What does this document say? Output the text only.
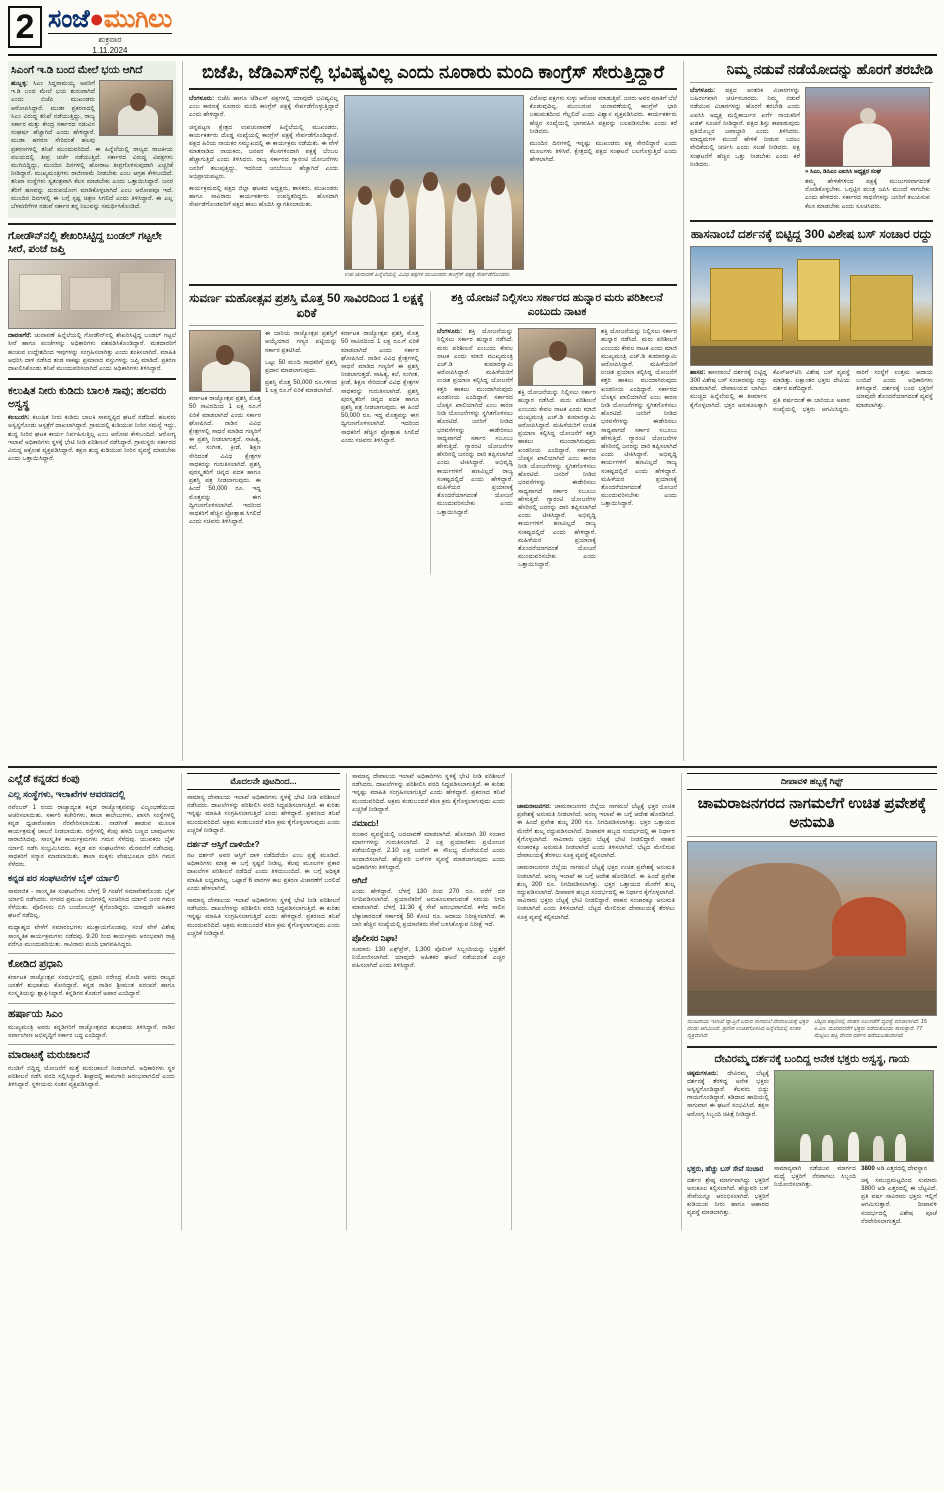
2 ಸಂಜೆ●ಮುಗಿಲು
ಶುಕ್ರವಾರ
1.11.2024
ಸಿಎಂಗೆ ಇ.ಡಿ ಬಂದ ಮೇಲೆ ಭಯ ಆಗಿದೆ

ಹುಬ್ಬಳ್ಳಿ: ಸಿಎಂ ಸಿದ್ದರಾಮಯ್ಯ ಅವರಿಗೆ ಇ.ಡಿ ಬಂದ ಮೇಲೆ ಭಯ ಶುರುವಾಗಿದೆ ಎಂದು ಬಿಜೆಪಿ ಮುಖಂಡರು ಆರೋಪಿಸಿದ್ದಾರೆ. ಮುಡಾ ಪ್ರಕರಣದಲ್ಲಿ ಸಿಎಂ ವಿರುದ್ಧ ತನಿಖೆ ನಡೆಯುತ್ತಿದ್ದು, ರಾಜ್ಯ ಸರ್ಕಾರ ಮತ್ತು ಕೇಂದ್ರ ಸರ್ಕಾರದ ನಡುವಿನ ಸಂಘರ್ಷ ಹೆಚ್ಚಾಗಿದೆ ಎಂದು ಹೇಳಿದ್ದಾರೆ. ಮುಡಾ ಹಗರಣ ಸೇರಿದಂತೆ ಹಲವು ಪ್ರಕರಣಗಳಲ್ಲಿ ತನಿಖೆ ಮುಂದುವರಿದಿದೆ. ಈ ಹಿನ್ನೆಲೆಯಲ್ಲಿ ರಾಜ್ಯದ ರಾಜಕೀಯ ವಲಯದಲ್ಲಿ ತೀವ್ರ ಚರ್ಚೆ ನಡೆಯುತ್ತಿದೆ. ಸರ್ಕಾರದ ವಿರುದ್ಧ ವಿಪಕ್ಷಗಳು ಮುಗಿಬಿದ್ದಿದ್ದು, ಮುಂದಿನ ದಿನಗಳಲ್ಲಿ ಹೋರಾಟ ತೀವ್ರಗೊಳಿಸುವುದಾಗಿ ಎಚ್ಚರಿಕೆ ನೀಡಿದ್ದಾರೆ. ಮುಖ್ಯಮಂತ್ರಿಗಳು ರಾಜೀನಾಮೆ ನೀಡಬೇಕು ಎಂಬ ಆಗ್ರಹ ಕೇಳಿಬಂದಿದೆ. ತನಿಖಾ ಸಂಸ್ಥೆಗಳು ಸ್ವತಂತ್ರವಾಗಿ ಕೆಲಸ ಮಾಡಬೇಕು ಎಂದು ಒತ್ತಾಯಿಸಿದ್ದಾರೆ. ಜನರ ತೆರಿಗೆ ಹಣವನ್ನು ದುರುಪಯೋಗ ಮಾಡಿಕೊಳ್ಳಲಾಗಿದೆ ಎಂಬ ಆರೋಪವೂ ಇದೆ. ಮುಂದಿನ ದಿನಗಳಲ್ಲಿ ಈ ಬಗ್ಗೆ ಸ್ಪಷ್ಟ ಚಿತ್ರಣ ಸಿಗಲಿದೆ ಎಂದು ತಿಳಿಸಿದ್ದಾರೆ. ಈ ಎಲ್ಲ ಬೆಳವಣಿಗೆಗಳ ನಡುವೆ ಸರ್ಕಾರ ತನ್ನ ನಿಲುವನ್ನು ಸಮರ್ಥಿಸಿಕೊಂಡಿದೆ.

ಗೋಡೌನ್‌ನಲ್ಲಿ ಶೇಖರಿಸಿಟ್ಟಿದ್ದ ಬಂಡಲ್ ಗಟ್ಟಲೇ ಸೀರೆ, ಪಂಚೆ ಜಪ್ತಿ

ದಾವಣಗೆರೆ: ಚುನಾವಣೆ ಹಿನ್ನೆಲೆಯಲ್ಲಿ ಗೋಡೌನ್‌ನಲ್ಲಿ ಶೇಖರಿಸಿಟ್ಟಿದ್ದ ಬಂಡಲ್ ಗಟ್ಟಲೆ ಸೀರೆ ಹಾಗೂ ಪಂಚೆಗಳನ್ನು ಅಧಿಕಾರಿಗಳು ವಶಪಡಿಸಿಕೊಂಡಿದ್ದಾರೆ. ಮತದಾರರಿಗೆ ಹಂಚುವ ಉದ್ದೇಶದಿಂದ ಇವುಗಳನ್ನು ಸಂಗ್ರಹಿಸಲಾಗಿತ್ತು ಎಂದು ಶಂಕಿಸಲಾಗಿದೆ. ಮಾಹಿತಿ ಆಧರಿಸಿ ದಾಳಿ ನಡೆಸಿದ ತಂಡ ಸಾಕಷ್ಟು ಪ್ರಮಾಣದ ವಸ್ತುಗಳನ್ನು ಜಪ್ತಿ ಮಾಡಿದೆ. ಪ್ರಕರಣ ದಾಖಲಿಸಿಕೊಂಡು ತನಿಖೆ ಮುಂದುವರಿಸಲಾಗಿದೆ ಎಂದು ಅಧಿಕಾರಿಗಳು ತಿಳಿಸಿದ್ದಾರೆ.

ಕಲುಷಿತ ನೀರು ಕುಡಿದು ಬಾಲಕಿ ಸಾವು; ಹಲವರು ಅಸ್ವಸ್ಥ

ಕಲಬುರಗಿ: ಕಲುಷಿತ ನೀರು ಕುಡಿದು ಬಾಲಕಿ ಸಾವನ್ನಪ್ಪಿದ ಘಟನೆ ನಡೆದಿದೆ. ಹಲವರು ಅಸ್ವಸ್ಥಗೊಂಡು ಆಸ್ಪತ್ರೆಗೆ ದಾಖಲಾಗಿದ್ದಾರೆ. ಗ್ರಾಮದಲ್ಲಿ ಕುಡಿಯುವ ನೀರಿನ ಸಮಸ್ಯೆ ಇದ್ದು, ಶುದ್ಧ ನೀರಿನ ಘಟಕ ಕಾರ್ಯ ನಿರ್ವಹಿಸುತ್ತಿಲ್ಲ ಎಂಬ ಆರೋಪ ಕೇಳಿಬಂದಿದೆ. ಆರೋಗ್ಯ ಇಲಾಖೆ ಅಧಿಕಾರಿಗಳು ಸ್ಥಳಕ್ಕೆ ಭೇಟಿ ನೀಡಿ ಪರಿಶೀಲನೆ ನಡೆಸಿದ್ದಾರೆ. ಗ್ರಾಮಸ್ಥರು ಸರ್ಕಾರದ ವಿರುದ್ಧ ಆಕ್ರೋಶ ವ್ಯಕ್ತಪಡಿಸಿದ್ದಾರೆ. ತಕ್ಷಣ ಶುದ್ಧ ಕುಡಿಯುವ ನೀರಿನ ವ್ಯವಸ್ಥೆ ಮಾಡಬೇಕು ಎಂದು ಒತ್ತಾಯಿಸಿದ್ದಾರೆ.

ಬಿಜೆಪಿ, ಜೆಡಿಎಸ್‌ನಲ್ಲಿ ಭವಿಷ್ಯವಿಲ್ಲ ಎಂದು ನೂರಾರು ಮಂದಿ ಕಾಂಗ್ರೆಸ್ ಸೇರುತ್ತಿದ್ದಾರೆ

ಬೆಂಗಳೂರು: ಬಿಜೆಪಿ ಹಾಗೂ ಜೆಡಿಎಸ್ ಪಕ್ಷಗಳಲ್ಲಿ ಯಾವುದೇ ಭವಿಷ್ಯವಿಲ್ಲ ಎಂಬ ಕಾರಣಕ್ಕೆ ನೂರಾರು ಮಂದಿ ಕಾಂಗ್ರೆಸ್ ಪಕ್ಷಕ್ಕೆ ಸೇರ್ಪಡೆಗೊಳ್ಳುತ್ತಿದ್ದಾರೆ ಎಂದು ಹೇಳಿದ್ದಾರೆ.

ಚನ್ನಪಟ್ಟಣ ಕ್ಷೇತ್ರದ ಉಪಚುನಾವಣೆ ಹಿನ್ನೆಲೆಯಲ್ಲಿ ಮುಖಂಡರು, ಕಾರ್ಯಕರ್ತರು ದೊಡ್ಡ ಸಂಖ್ಯೆಯಲ್ಲಿ ಕಾಂಗ್ರೆಸ್ ಪಕ್ಷಕ್ಕೆ ಸೇರ್ಪಡೆಗೊಂಡಿದ್ದಾರೆ. ಪಕ್ಷದ ಹಿರಿಯ ನಾಯಕರ ಸಮ್ಮುಖದಲ್ಲಿ ಈ ಕಾರ್ಯಕ್ರಮ ನಡೆಯಿತು. ಈ ವೇಳೆ ಮಾತನಾಡಿದ ನಾಯಕರು, ಜನಪರ ಕೆಲಸಗಳಿಂದಾಗಿ ಪಕ್ಷಕ್ಕೆ ಬೆಂಬಲ ಹೆಚ್ಚಾಗುತ್ತಿದೆ ಎಂದು ತಿಳಿಸಿದರು. ರಾಜ್ಯ ಸರ್ಕಾರದ ಗ್ಯಾರಂಟಿ ಯೋಜನೆಗಳು ಜನರಿಗೆ ತಲುಪುತ್ತಿದ್ದು, ಇದರಿಂದ ಜನಬೆಂಬಲ ಹೆಚ್ಚಾಗಿದೆ ಎಂದು ಅಭಿಪ್ರಾಯಪಟ್ಟರು.

ಕಾರ್ಯಕ್ರಮದಲ್ಲಿ ಪಕ್ಷದ ಜಿಲ್ಲಾ ಘಟಕದ ಅಧ್ಯಕ್ಷರು, ಶಾಸಕರು, ಮುಖಂಡರು ಹಾಗೂ ಸಾವಿರಾರು ಕಾರ್ಯಕರ್ತರು ಉಪಸ್ಥಿತರಿದ್ದರು. ಹೊಸದಾಗಿ ಸೇರ್ಪಡೆಗೊಂಡವರಿಗೆ ಪಕ್ಷದ ಶಾಲು ಹೊದಿಸಿ ಸ್ವಾಗತಿಸಲಾಯಿತು.

ಉಪ ಚುನಾವಣೆ ಹಿನ್ನೆಲೆಯಲ್ಲಿ ವಿವಿಧ ಪಕ್ಷಗಳ ಮುಖಂಡರು ಕಾಂಗ್ರೆಸ್ ಪಕ್ಷಕ್ಕೆ ಸೇರ್ಪಡೆಗೊಂಡರು.

ವಿರೋಧ ಪಕ್ಷಗಳು ಸುಳ್ಳು ಆರೋಪ ಮಾಡುತ್ತಿವೆ. ಜನರು ಅವರ ಮಾತಿಗೆ ಬೆಲೆ ಕೊಡುವುದಿಲ್ಲ. ಮುಂಬರುವ ಚುನಾವಣೆಯಲ್ಲಿ ಕಾಂಗ್ರೆಸ್ ಭಾರಿ ಬಹುಮತದಿಂದ ಗೆಲ್ಲಲಿದೆ ಎಂದು ವಿಶ್ವಾಸ ವ್ಯಕ್ತಪಡಿಸಿದರು. ಕಾರ್ಯಕರ್ತರು ಹೆಚ್ಚಿನ ಸಂಖ್ಯೆಯಲ್ಲಿ ಭಾಗವಹಿಸಿ ಪಕ್ಷವನ್ನು ಬಲಪಡಿಸಬೇಕು ಎಂದು ಕರೆ ನೀಡಿದರು.

ಮುಂದಿನ ದಿನಗಳಲ್ಲಿ ಇನ್ನಷ್ಟು ಮುಖಂಡರು ಪಕ್ಷ ಸೇರಲಿದ್ದಾರೆ ಎಂದು ಮೂಲಗಳು ತಿಳಿಸಿವೆ. ಕ್ಷೇತ್ರದಲ್ಲಿ ಪಕ್ಷದ ಸಂಘಟನೆ ಬಲಗೊಳ್ಳುತ್ತಿದೆ ಎಂದು ಹೇಳಲಾಗಿದೆ.

ಸುವರ್ಣ ಮಹೋತ್ಸವ ಪ್ರಶಸ್ತಿ ಮೊತ್ತ 50 ಸಾವಿರದಿಂದ 1 ಲಕ್ಷಕ್ಕೆ ಏರಿಕೆ

ಕರ್ನಾಟಕ ರಾಜ್ಯೋತ್ಸವ ಪ್ರಶಸ್ತಿ ಮೊತ್ತ 50 ಸಾವಿರದಿಂದ 1 ಲಕ್ಷ ರೂ.ಗೆ ಏರಿಕೆ ಮಾಡಲಾಗಿದೆ ಎಂದು ಸರ್ಕಾರ ಘೋಷಿಸಿದೆ. ನಾಡಿನ ವಿವಿಧ ಕ್ಷೇತ್ರಗಳಲ್ಲಿ ಸಾಧನೆ ಮಾಡಿದ ಗಣ್ಯರಿಗೆ ಈ ಪ್ರಶಸ್ತಿ ನೀಡಲಾಗುತ್ತದೆ. ಸಾಹಿತ್ಯ, ಕಲೆ, ಸಂಗೀತ, ಕ್ರೀಡೆ, ಶಿಕ್ಷಣ ಸೇರಿದಂತೆ ವಿವಿಧ ಕ್ಷೇತ್ರಗಳ ಸಾಧಕರನ್ನು ಗುರುತಿಸಲಾಗಿದೆ. ಪ್ರಶಸ್ತಿ ಪುರಸ್ಕೃತರಿಗೆ ಚಿನ್ನದ ಪದಕ ಹಾಗೂ ಪ್ರಶಸ್ತಿ ಪತ್ರ ನೀಡಲಾಗುವುದು. ಈ ಹಿಂದೆ 50,000 ರೂ. ಇದ್ದ ಮೊತ್ತವನ್ನು ಈಗ ದ್ವಿಗುಣಗೊಳಿಸಲಾಗಿದೆ. ಇದರಿಂದ ಸಾಧಕರಿಗೆ ಹೆಚ್ಚಿನ ಪ್ರೋತ್ಸಾಹ ಸಿಗಲಿದೆ ಎಂದು ಸಚಿವರು ತಿಳಿಸಿದ್ದಾರೆ.

ಈ ಬಾರಿಯ ರಾಜ್ಯೋತ್ಸವ ಪ್ರಶಸ್ತಿಗೆ ಆಯ್ಕೆಯಾದ ಗಣ್ಯರ ಪಟ್ಟಿಯನ್ನು ಸರ್ಕಾರ ಪ್ರಕಟಿಸಿದೆ.

ಒಟ್ಟು 50 ಮಂದಿ ಸಾಧಕರಿಗೆ ಪ್ರಶಸ್ತಿ ಪ್ರದಾನ ಮಾಡಲಾಗುವುದು.

ಪ್ರಶಸ್ತಿ ಮೊತ್ತ 50,000 ರೂ.ಗಳಿಂದ 1 ಲಕ್ಷ ರೂ.ಗೆ ಏರಿಕೆ ಮಾಡಲಾಗಿದೆ.

ಕರ್ನಾಟಕ ರಾಜ್ಯೋತ್ಸವ ಪ್ರಶಸ್ತಿ ಮೊತ್ತ 50 ಸಾವಿರದಿಂದ 1 ಲಕ್ಷ ರೂ.ಗೆ ಏರಿಕೆ ಮಾಡಲಾಗಿದೆ ಎಂದು ಸರ್ಕಾರ ಘೋಷಿಸಿದೆ. ನಾಡಿನ ವಿವಿಧ ಕ್ಷೇತ್ರಗಳಲ್ಲಿ ಸಾಧನೆ ಮಾಡಿದ ಗಣ್ಯರಿಗೆ ಈ ಪ್ರಶಸ್ತಿ ನೀಡಲಾಗುತ್ತದೆ. ಸಾಹಿತ್ಯ, ಕಲೆ, ಸಂಗೀತ, ಕ್ರೀಡೆ, ಶಿಕ್ಷಣ ಸೇರಿದಂತೆ ವಿವಿಧ ಕ್ಷೇತ್ರಗಳ ಸಾಧಕರನ್ನು ಗುರುತಿಸಲಾಗಿದೆ. ಪ್ರಶಸ್ತಿ ಪುರಸ್ಕೃತರಿಗೆ ಚಿನ್ನದ ಪದಕ ಹಾಗೂ ಪ್ರಶಸ್ತಿ ಪತ್ರ ನೀಡಲಾಗುವುದು. ಈ ಹಿಂದೆ 50,000 ರೂ. ಇದ್ದ ಮೊತ್ತವನ್ನು ಈಗ ದ್ವಿಗುಣಗೊಳಿಸಲಾಗಿದೆ. ಇದರಿಂದ ಸಾಧಕರಿಗೆ ಹೆಚ್ಚಿನ ಪ್ರೋತ್ಸಾಹ ಸಿಗಲಿದೆ ಎಂದು ಸಚಿವರು ತಿಳಿಸಿದ್ದಾರೆ.

ಶಕ್ತಿ ಯೋಜನೆ ನಿಲ್ಲಿಸಲು ಸರ್ಕಾರದ ಹುನ್ನಾರ ಮರು ಪರಿಶೀಲನೆ ಎಂಬುದು ನಾಟಕ

ಬೆಂಗಳೂರು: ಶಕ್ತಿ ಯೋಜನೆಯನ್ನು ನಿಲ್ಲಿಸಲು ಸರ್ಕಾರ ಹುನ್ನಾರ ನಡೆಸಿದೆ. ಮರು ಪರಿಶೀಲನೆ ಎಂಬುದು ಕೇವಲ ನಾಟಕ ಎಂದು ಮಾಜಿ ಮುಖ್ಯಮಂತ್ರಿ ಎಚ್.ಡಿ ಕುಮಾರಸ್ವಾಮಿ ಆರೋಪಿಸಿದ್ದಾರೆ. ಮಹಿಳೆಯರಿಗೆ ಉಚಿತ ಪ್ರಯಾಣ ಕಲ್ಪಿಸಿದ್ದ ಯೋಜನೆಗೆ ಕತ್ತರಿ ಹಾಕಲು ಮುಂದಾಗಿರುವುದು ಖಂಡನೀಯ ಎಂದಿದ್ದಾರೆ. ಸರ್ಕಾರದ ಬೊಕ್ಕಸ ಖಾಲಿಯಾಗಿದೆ ಎಂಬ ಕಾರಣ ನೀಡಿ ಯೋಜನೆಗಳನ್ನು ಸ್ಥಗಿತಗೊಳಿಸಲು ಹೊರಟಿದೆ. ಜನರಿಗೆ ನೀಡಿದ ಭರವಸೆಗಳನ್ನು ಈಡೇರಿಸಲು ಸಾಧ್ಯವಾಗದೆ ಸರ್ಕಾರ ಸಬೂಬು ಹೇಳುತ್ತಿದೆ. ಗ್ಯಾರಂಟಿ ಯೋಜನೆಗಳ ಹೆಸರಿನಲ್ಲಿ ಜನರನ್ನು ದಾರಿ ತಪ್ಪಿಸಲಾಗಿದೆ ಎಂದು ಟೀಕಿಸಿದ್ದಾರೆ. ಅಭಿವೃದ್ಧಿ ಕಾರ್ಯಗಳಿಗೆ ಹಣವಿಲ್ಲದೆ ರಾಜ್ಯ ಸಂಕಷ್ಟದಲ್ಲಿದೆ ಎಂದು ಹೇಳಿದ್ದಾರೆ. ಮಹಿಳೆಯರ ಪ್ರಯಾಣಕ್ಕೆ ತೊಂದರೆಯಾಗದಂತೆ ಯೋಜನೆ ಮುಂದುವರಿಸಬೇಕು ಎಂದು ಒತ್ತಾಯಿಸಿದ್ದಾರೆ.

ಶಕ್ತಿ ಯೋಜನೆಯನ್ನು ನಿಲ್ಲಿಸಲು ಸರ್ಕಾರ ಹುನ್ನಾರ ನಡೆಸಿದೆ. ಮರು ಪರಿಶೀಲನೆ ಎಂಬುದು ಕೇವಲ ನಾಟಕ ಎಂದು ಮಾಜಿ ಮುಖ್ಯಮಂತ್ರಿ ಎಚ್.ಡಿ ಕುಮಾರಸ್ವಾಮಿ ಆರೋಪಿಸಿದ್ದಾರೆ. ಮಹಿಳೆಯರಿಗೆ ಉಚಿತ ಪ್ರಯಾಣ ಕಲ್ಪಿಸಿದ್ದ ಯೋಜನೆಗೆ ಕತ್ತರಿ ಹಾಕಲು ಮುಂದಾಗಿರುವುದು ಖಂಡನೀಯ ಎಂದಿದ್ದಾರೆ. ಸರ್ಕಾರದ ಬೊಕ್ಕಸ ಖಾಲಿಯಾಗಿದೆ ಎಂಬ ಕಾರಣ ನೀಡಿ ಯೋಜನೆಗಳನ್ನು ಸ್ಥಗಿತಗೊಳಿಸಲು ಹೊರಟಿದೆ. ಜನರಿಗೆ ನೀಡಿದ ಭರವಸೆಗಳನ್ನು ಈಡೇರಿಸಲು ಸಾಧ್ಯವಾಗದೆ ಸರ್ಕಾರ ಸಬೂಬು ಹೇಳುತ್ತಿದೆ. ಗ್ಯಾರಂಟಿ ಯೋಜನೆಗಳ ಹೆಸರಿನಲ್ಲಿ ಜನರನ್ನು ದಾರಿ ತಪ್ಪಿಸಲಾಗಿದೆ ಎಂದು ಟೀಕಿಸಿದ್ದಾರೆ. ಅಭಿವೃದ್ಧಿ ಕಾರ್ಯಗಳಿಗೆ ಹಣವಿಲ್ಲದೆ ರಾಜ್ಯ ಸಂಕಷ್ಟದಲ್ಲಿದೆ ಎಂದು ಹೇಳಿದ್ದಾರೆ. ಮಹಿಳೆಯರ ಪ್ರಯಾಣಕ್ಕೆ ತೊಂದರೆಯಾಗದಂತೆ ಯೋಜನೆ ಮುಂದುವರಿಸಬೇಕು ಎಂದು ಒತ್ತಾಯಿಸಿದ್ದಾರೆ.

ಶಕ್ತಿ ಯೋಜನೆಯನ್ನು ನಿಲ್ಲಿಸಲು ಸರ್ಕಾರ ಹುನ್ನಾರ ನಡೆಸಿದೆ. ಮರು ಪರಿಶೀಲನೆ ಎಂಬುದು ಕೇವಲ ನಾಟಕ ಎಂದು ಮಾಜಿ ಮುಖ್ಯಮಂತ್ರಿ ಎಚ್.ಡಿ ಕುಮಾರಸ್ವಾಮಿ ಆರೋಪಿಸಿದ್ದಾರೆ. ಮಹಿಳೆಯರಿಗೆ ಉಚಿತ ಪ್ರಯಾಣ ಕಲ್ಪಿಸಿದ್ದ ಯೋಜನೆಗೆ ಕತ್ತರಿ ಹಾಕಲು ಮುಂದಾಗಿರುವುದು ಖಂಡನೀಯ ಎಂದಿದ್ದಾರೆ. ಸರ್ಕಾರದ ಬೊಕ್ಕಸ ಖಾಲಿಯಾಗಿದೆ ಎಂಬ ಕಾರಣ ನೀಡಿ ಯೋಜನೆಗಳನ್ನು ಸ್ಥಗಿತಗೊಳಿಸಲು ಹೊರಟಿದೆ. ಜನರಿಗೆ ನೀಡಿದ ಭರವಸೆಗಳನ್ನು ಈಡೇರಿಸಲು ಸಾಧ್ಯವಾಗದೆ ಸರ್ಕಾರ ಸಬೂಬು ಹೇಳುತ್ತಿದೆ. ಗ್ಯಾರಂಟಿ ಯೋಜನೆಗಳ ಹೆಸರಿನಲ್ಲಿ ಜನರನ್ನು ದಾರಿ ತಪ್ಪಿಸಲಾಗಿದೆ ಎಂದು ಟೀಕಿಸಿದ್ದಾರೆ. ಅಭಿವೃದ್ಧಿ ಕಾರ್ಯಗಳಿಗೆ ಹಣವಿಲ್ಲದೆ ರಾಜ್ಯ ಸಂಕಷ್ಟದಲ್ಲಿದೆ ಎಂದು ಹೇಳಿದ್ದಾರೆ. ಮಹಿಳೆಯರ ಪ್ರಯಾಣಕ್ಕೆ ತೊಂದರೆಯಾಗದಂತೆ ಯೋಜನೆ ಮುಂದುವರಿಸಬೇಕು ಎಂದು ಒತ್ತಾಯಿಸಿದ್ದಾರೆ.

ನಿಮ್ಮ ನಡುವೆ ನಡೆಯೋದನ್ನು ಹೊರಗೆ ತರಬೇಡಿ

ಬೆಂಗಳೂರು: ಪಕ್ಷದ ಆಂತರಿಕ ವಿಚಾರಗಳನ್ನು ಬಹಿರಂಗವಾಗಿ ಚರ್ಚಿಸಬಾರದು. ನಿಮ್ಮ ನಡುವೆ ನಡೆಯುವ ವಿಚಾರಗಳನ್ನು ಹೊರಗೆ ತರಬೇಡಿ ಎಂದು ಎಐಸಿಸಿ ಅಧ್ಯಕ್ಷ ಮಲ್ಲಿಕಾರ್ಜುನ ಖರ್ಗೆ ನಾಯಕರಿಗೆ ಖಡಕ್ ಸೂಚನೆ ನೀಡಿದ್ದಾರೆ. ಪಕ್ಷದ ಶಿಸ್ತು ಕಾಪಾಡುವುದು ಪ್ರತಿಯೊಬ್ಬರ ಜವಾಬ್ದಾರಿ ಎಂದು ತಿಳಿಸಿದರು. ಮಾಧ್ಯಮಗಳ ಮುಂದೆ ಹೇಳಿಕೆ ನೀಡುವ ಬದಲು ವೇದಿಕೆಯಲ್ಲಿ ಚರ್ಚಿಸಿ ಎಂದು ಸಲಹೆ ನೀಡಿದರು. ಪಕ್ಷ ಸಂಘಟನೆಗೆ ಹೆಚ್ಚಿನ ಒತ್ತು ನೀಡಬೇಕು ಎಂದು ಕರೆ ನೀಡಿದರು.

» ಸಿಎಂ, ಡಿಸಿಎಂ ಎಐಸಿಸಿ ಅಧ್ಯಕ್ಷರ ಸಂಘ

ತಮ್ಮ ಹೇಳಿಕೆಗಳಿಂದ ಪಕ್ಷಕ್ಕೆ ಮುಜುಗರವಾಗದಂತೆ ನೋಡಿಕೊಳ್ಳಬೇಕು. ಒಗ್ಗಟ್ಟಿನ ಮಂತ್ರ ಜಪಿಸಿ ಮುಂದೆ ಸಾಗಬೇಕು ಎಂದು ಹೇಳಿದರು. ಸರ್ಕಾರದ ಸಾಧನೆಗಳನ್ನು ಜನರಿಗೆ ತಲುಪಿಸುವ ಕೆಲಸ ಮಾಡಬೇಕು ಎಂದು ಸೂಚಿಸಿದರು.

ಹಾಸನಾಂಬೆ ದರ್ಶನಕ್ಕೆ ಬಿಟ್ಟಿದ್ದ 300 ವಿಶೇಷ ಬಸ್ ಸಂಚಾರ ರದ್ದು

ಹಾಸನ: ಹಾಸನಾಂಬೆ ದರ್ಶನಕ್ಕೆ ಬಿಟ್ಟಿದ್ದ 300 ವಿಶೇಷ ಬಸ್ ಸಂಚಾರವನ್ನು ರದ್ದು ಮಾಡಲಾಗಿದೆ. ದೇವಾಲಯದ ಬಾಗಿಲು ಮುಚ್ಚಿದ ಹಿನ್ನೆಲೆಯಲ್ಲಿ ಈ ತೀರ್ಮಾನ ಕೈಗೊಳ್ಳಲಾಗಿದೆ. ಭಕ್ತರ ಅನುಕೂಲಕ್ಕಾಗಿ ಕೆಎಸ್ಆರ್‌ಟಿಸಿ ವಿಶೇಷ ಬಸ್ ವ್ಯವಸ್ಥೆ ಮಾಡಿತ್ತು. ಲಕ್ಷಾಂತರ ಭಕ್ತರು ದೇವಿಯ ದರ್ಶನ ಪಡೆದಿದ್ದಾರೆ.

ಪ್ರತಿ ವರ್ಷದಂತೆ ಈ ಬಾರಿಯೂ ಅಪಾರ ಸಂಖ್ಯೆಯಲ್ಲಿ ಭಕ್ತರು ಆಗಮಿಸಿದ್ದರು. ಸಾರಿಗೆ ಸಂಸ್ಥೆಗೆ ಉತ್ತಮ ಆದಾಯ ಬಂದಿದೆ ಎಂದು ಅಧಿಕಾರಿಗಳು ತಿಳಿಸಿದ್ದಾರೆ. ದರ್ಶನಕ್ಕೆ ಬಂದ ಭಕ್ತರಿಗೆ ಯಾವುದೇ ತೊಂದರೆಯಾಗದಂತೆ ವ್ಯವಸ್ಥೆ ಮಾಡಲಾಗಿತ್ತು.

ಎಲ್ಲೆಡೆ ಕನ್ನಡದ ಕಂಪು
ಎಲ್ಲ ಸಂಸ್ಥೆಗಳು, ಇಲಾಖೆಗಳ ಆವರಣದಲ್ಲಿ

ನವೆಂಬರ್ 1 ರಂದು ರಾಜ್ಯಾದ್ಯಂತ ಕನ್ನಡ ರಾಜ್ಯೋತ್ಸವವನ್ನು ವಿಜೃಂಭಣೆಯಿಂದ ಆಚರಿಸಲಾಯಿತು. ಸರ್ಕಾರಿ ಕಚೇರಿಗಳು, ಶಾಲಾ ಕಾಲೇಜುಗಳು, ಖಾಸಗಿ ಸಂಸ್ಥೆಗಳಲ್ಲಿ ಕನ್ನಡ ಧ್ವಜಾರೋಹಣ ನೆರವೇರಿಸಲಾಯಿತು. ನಾಡಗೀತೆ ಹಾಡುವ ಮೂಲಕ ಕಾರ್ಯಕ್ರಮಕ್ಕೆ ಚಾಲನೆ ನೀಡಲಾಯಿತು. ರಸ್ತೆಗಳಲ್ಲಿ ಕೆಂಪು ಹಳದಿ ಬಣ್ಣದ ಬಾವುಟಗಳು ರಾರಾಜಿಸಿದವು. ಸಾಂಸ್ಕೃತಿಕ ಕಾರ್ಯಕ್ರಮಗಳು ಗಮನ ಸೆಳೆದವು. ಯುವಕರು ಬೈಕ್ ರ್ಯಾಲಿ ನಡೆಸಿ ಸಂಭ್ರಮಿಸಿದರು. ಕನ್ನಡ ಪರ ಸಂಘಟನೆಗಳು ಮೆರವಣಿಗೆ ನಡೆಸಿದವು. ಸಾಧಕರಿಗೆ ಸನ್ಮಾನ ಮಾಡಲಾಯಿತು. ಶಾಲಾ ಮಕ್ಕಳು ವೇಷಭೂಷಣ ಧರಿಸಿ ಗಮನ ಸೆಳೆದರು.

ಕನ್ನಡ ಪರ ಸಂಘಟನೆಗಳ ಬೈಕ್ ರ್ಯಾಲಿ

ಸಾಮಾಜಿಕ - ಸಾಂಸ್ಕೃತಿಕ ಸಂಘಟನೆಗಳು ಬೆಳಗ್ಗೆ 9 ಗಂಟೆಗೆ ಸಮಾವೇಶಗೊಂಡು ಬೈಕ್ ರ್ಯಾಲಿ ನಡೆಸಿದರು. ನಗರದ ಪ್ರಮುಖ ಬೀದಿಗಳಲ್ಲಿ ಸಂಚರಿಸಿದ ರ್ಯಾಲಿ ಜನರ ಗಮನ ಸೆಳೆಯಿತು. ಪೊಲೀಸರು ಬಿಗಿ ಬಂದೋಬಸ್ತ್ ಕೈಗೊಂಡಿದ್ದರು. ಯಾವುದೇ ಅಹಿತಕರ ಘಟನೆ ನಡೆದಿಲ್ಲ.

ಮಧ್ಯಾಹ್ನದ ವೇಳೆಗೆ ಸಮಾರಂಭಗಳು ಮುಕ್ತಾಯಗೊಂಡವು. ಸಂಜೆ ವೇಳೆ ವಿಶೇಷ ಸಾಂಸ್ಕೃತಿಕ ಕಾರ್ಯಕ್ರಮಗಳು ನಡೆದವು. 9.20 ರಿಂದ ಕಾರ್ಯಕ್ರಮ ಆರಂಭವಾಗಿ ರಾತ್ರಿ ವರೆಗೂ ಮುಂದುವರಿಯಿತು. ಸಾವಿರಾರು ಮಂದಿ ಭಾಗವಹಿಸಿದ್ದರು.

ಕೋಡಿದ ಪ್ರಧಾನಿ

ಕರ್ನಾಟಕ ರಾಜ್ಯೋತ್ಸವ ಸಂದರ್ಭದಲ್ಲಿ ಪ್ರಧಾನಿ ನರೇಂದ್ರ ಮೋದಿ ಅವರು ರಾಜ್ಯದ ಜನತೆಗೆ ಶುಭಾಶಯ ಕೋರಿದ್ದಾರೆ. ಕನ್ನಡ ನಾಡಿನ ಶ್ರೀಮಂತ ಪರಂಪರೆ ಹಾಗೂ ಸಂಸ್ಕೃತಿಯನ್ನು ಶ್ಲಾಘಿಸಿದ್ದಾರೆ. ಕನ್ನಡಿಗರ ಕೊಡುಗೆ ಅಪಾರ ಎಂದಿದ್ದಾರೆ.

ಹರ್ಷಾಯ ಸಿಎಂ

ಮುಖ್ಯಮಂತ್ರಿ ಅವರು ಕನ್ನಡಿಗರಿಗೆ ರಾಜ್ಯೋತ್ಸವದ ಶುಭಾಶಯ ತಿಳಿಸಿದ್ದಾರೆ. ನಾಡಿನ ಸರ್ವಾಂಗೀಣ ಅಭಿವೃದ್ಧಿಗೆ ಸರ್ಕಾರ ಬದ್ಧ ಎಂದಿದ್ದಾರೆ.

ಮಾರಾಟಕ್ಕೆ ಮರುಚಾಲನೆ

ಗುಂಡಿಗೆ ಬಿದ್ದಿದ್ದ ಯೋಜನೆಗೆ ಮತ್ತೆ ಮರುಚಾಲನೆ ನೀಡಲಾಗಿದೆ. ಅಧಿಕಾರಿಗಳು ಸ್ಥಳ ಪರಿಶೀಲನೆ ನಡೆಸಿ ವರದಿ ಸಲ್ಲಿಸಿದ್ದಾರೆ. ಶೀಘ್ರದಲ್ಲಿ ಕಾಮಗಾರಿ ಆರಂಭವಾಗಲಿದೆ ಎಂದು ತಿಳಿಸಿದ್ದಾರೆ. ಸ್ಥಳೀಯರು ಸಂತಸ ವ್ಯಕ್ತಪಡಿಸಿದ್ದಾರೆ.

ಮೊದಲನೇ ಪುಟದಿಂದ...

ಸಾಮಾನ್ಯ ದೇವಾಲಯ ಇಲಾಖೆ ಅಧಿಕಾರಿಗಳು ಸ್ಥಳಕ್ಕೆ ಭೇಟಿ ನೀಡಿ ಪರಿಶೀಲನೆ ನಡೆಸಿದರು. ದಾಖಲೆಗಳನ್ನು ಪರಿಶೀಲಿಸಿ ವರದಿ ಸಿದ್ಧಪಡಿಸಲಾಗುತ್ತಿದೆ. ಈ ಕುರಿತು ಇನ್ನಷ್ಟು ಮಾಹಿತಿ ಸಂಗ್ರಹಿಸಲಾಗುತ್ತಿದೆ ಎಂದು ಹೇಳಿದ್ದಾರೆ. ಪ್ರಕರಣದ ತನಿಖೆ ಮುಂದುವರಿದಿದೆ. ಅಕ್ರಮ ಕಂಡುಬಂದರೆ ಕಠಿಣ ಕ್ರಮ ಕೈಗೊಳ್ಳಲಾಗುವುದು ಎಂದು ಎಚ್ಚರಿಕೆ ನೀಡಿದ್ದಾರೆ.

ದರ್ಶನ್ ಆಸ್ತಿಗೆ ದಾಳಿಯೇ?

ನಟ ದರ್ಶನ್ ಅವರ ಆಸ್ತಿಗೆ ದಾಳಿ ನಡೆದಿದೆಯೇ ಎಂಬ ಪ್ರಶ್ನೆ ಮೂಡಿದೆ. ಅಧಿಕಾರಿಗಳು ಮಾತ್ರ ಈ ಬಗ್ಗೆ ಸ್ಪಷ್ಟನೆ ನೀಡಿಲ್ಲ. ಕೆಲವು ಮೂಲಗಳ ಪ್ರಕಾರ ದಾಖಲೆಗಳ ಪರಿಶೀಲನೆ ನಡೆದಿದೆ ಎಂದು ತಿಳಿದುಬಂದಿದೆ. ಈ ಬಗ್ಗೆ ಅಧಿಕೃತ ಮಾಹಿತಿ ಲಭ್ಯವಾಗಿಲ್ಲ. ಒಟ್ಟಾರೆ 6 ವಾರಗಳ ಕಾಲ ಪ್ರಕರಣ ವಿಚಾರಣೆಗೆ ಬರಲಿದೆ ಎಂದು ಹೇಳಲಾಗಿದೆ.

ಸಾಮಾನ್ಯ ದೇವಾಲಯ ಇಲಾಖೆ ಅಧಿಕಾರಿಗಳು ಸ್ಥಳಕ್ಕೆ ಭೇಟಿ ನೀಡಿ ಪರಿಶೀಲನೆ ನಡೆಸಿದರು. ದಾಖಲೆಗಳನ್ನು ಪರಿಶೀಲಿಸಿ ವರದಿ ಸಿದ್ಧಪಡಿಸಲಾಗುತ್ತಿದೆ. ಈ ಕುರಿತು ಇನ್ನಷ್ಟು ಮಾಹಿತಿ ಸಂಗ್ರಹಿಸಲಾಗುತ್ತಿದೆ ಎಂದು ಹೇಳಿದ್ದಾರೆ. ಪ್ರಕರಣದ ತನಿಖೆ ಮುಂದುವರಿದಿದೆ. ಅಕ್ರಮ ಕಂಡುಬಂದರೆ ಕಠಿಣ ಕ್ರಮ ಕೈಗೊಳ್ಳಲಾಗುವುದು ಎಂದು ಎಚ್ಚರಿಕೆ ನೀಡಿದ್ದಾರೆ.

ಸಾಮಾನ್ಯ ದೇವಾಲಯ ಇಲಾಖೆ ಅಧಿಕಾರಿಗಳು ಸ್ಥಳಕ್ಕೆ ಭೇಟಿ ನೀಡಿ ಪರಿಶೀಲನೆ ನಡೆಸಿದರು. ದಾಖಲೆಗಳನ್ನು ಪರಿಶೀಲಿಸಿ ವರದಿ ಸಿದ್ಧಪಡಿಸಲಾಗುತ್ತಿದೆ. ಈ ಕುರಿತು ಇನ್ನಷ್ಟು ಮಾಹಿತಿ ಸಂಗ್ರಹಿಸಲಾಗುತ್ತಿದೆ ಎಂದು ಹೇಳಿದ್ದಾರೆ. ಪ್ರಕರಣದ ತನಿಖೆ ಮುಂದುವರಿದಿದೆ. ಅಕ್ರಮ ಕಂಡುಬಂದರೆ ಕಠಿಣ ಕ್ರಮ ಕೈಗೊಳ್ಳಲಾಗುವುದು ಎಂದು ಎಚ್ಚರಿಕೆ ನೀಡಿದ್ದಾರೆ.

ನಮಾದು!

ಸಂಚಾರ ವ್ಯವಸ್ಥೆಯಲ್ಲಿ ಬದಲಾವಣೆ ಮಾಡಲಾಗಿದೆ. ಹೊಸದಾಗಿ 30 ಸಂಚಾರ ಮಾರ್ಗಗಳನ್ನು ಗುರುತಿಸಲಾಗಿದೆ. 2 ಲಕ್ಷ ಪ್ರಯಾಣಿಕರು ಪ್ರಯೋಜನ ಪಡೆಯಲಿದ್ದಾರೆ. 2.10 ಲಕ್ಷ ಜನರಿಗೆ ಈ ಸೌಲಭ್ಯ ದೊರೆಯಲಿದೆ ಎಂದು ಅಂದಾಜಿಸಲಾಗಿದೆ. ಹೆಚ್ಚುವರಿ ಬಸ್‌ಗಳ ವ್ಯವಸ್ಥೆ ಮಾಡಲಾಗುವುದು ಎಂದು ಅಧಿಕಾರಿಗಳು ತಿಳಿಸಿದ್ದಾರೆ.

ಆಗಿದೆ

ಎಂದು ಹೇಳಿದ್ದಾರೆ. ಬೆಳಗ್ಗೆ 130 ರಿಂದ 270 ರೂ. ವರೆಗೆ ದರ ನಿಗದಿಪಡಿಸಲಾಗಿದೆ. ಪ್ರಯಾಣಿಕರಿಗೆ ಅನುಕೂಲವಾಗುವಂತೆ ಸಮಯ ನಿಗದಿ ಮಾಡಲಾಗಿದೆ. ಬೆಳಗ್ಗೆ 11:30 ಕ್ಕೆ ಸೇವೆ ಆರಂಭವಾಗಲಿದೆ. ಕಳೆದ ಸಾಲಿನ ಲೆಕ್ಕಾಚಾರದಂತೆ ಸರ್ಕಾರಕ್ಕೆ 50 ಕೋಟಿ ರೂ. ಆದಾಯ ನಿರೀಕ್ಷಿಸಲಾಗಿದೆ. ಈ ಬಾರಿ ಹೆಚ್ಚಿನ ಸಂಖ್ಯೆಯಲ್ಲಿ ಪ್ರಯಾಣಿಕರು ಸೇವೆ ಬಳಸಿಕೊಳ್ಳುವ ನಿರೀಕ್ಷೆ ಇದೆ.

ಪೊಲೀಸರ ನಿಘಾ!

ಸುಮಾರು 130 ಎಕ್ಸ್‌ಪ್ರೆಸ್, 1,300 ಪೊಲೀಸ್ ಸಿಬ್ಬಂದಿಯನ್ನು ಭದ್ರತೆಗೆ ನಿಯೋಜಿಸಲಾಗಿದೆ. ಯಾವುದೇ ಅಹಿತಕರ ಘಟನೆ ನಡೆಯದಂತೆ ಎಚ್ಚರ ವಹಿಸಲಾಗಿದೆ ಎಂದು ತಿಳಿಸಿದ್ದಾರೆ.

ಚಾಮರಾಜನಗರ: ಚಾಮರಾಜನಗರ ಜಿಲ್ಲೆಯ ನಾಗಮಲೆ ಬೆಟ್ಟಕ್ಕೆ ಭಕ್ತರ ಉಚಿತ ಪ್ರವೇಶಕ್ಕೆ ಅನುಮತಿ ನೀಡಲಾಗಿದೆ. ಅರಣ್ಯ ಇಲಾಖೆ ಈ ಬಗ್ಗೆ ಆದೇಶ ಹೊರಡಿಸಿದೆ. ಈ ಹಿಂದೆ ಪ್ರವೇಶ ಶುಲ್ಕ 200 ರೂ. ನಿಗದಿಪಡಿಸಲಾಗಿತ್ತು. ಭಕ್ತರ ಒತ್ತಾಯದ ಮೇರೆಗೆ ಶುಲ್ಕ ರದ್ದುಪಡಿಸಲಾಗಿದೆ. ದೀಪಾವಳಿ ಹಬ್ಬದ ಸಂದರ್ಭದಲ್ಲಿ ಈ ನಿರ್ಧಾರ ಕೈಗೊಳ್ಳಲಾಗಿದೆ. ಸಾವಿರಾರು ಭಕ್ತರು ಬೆಟ್ಟಕ್ಕೆ ಭೇಟಿ ನೀಡಲಿದ್ದಾರೆ. ವಾಹನ ಸಂಚಾರಕ್ಕೂ ಅನುಮತಿ ನೀಡಲಾಗಿದೆ ಎಂದು ತಿಳಿಸಲಾಗಿದೆ. ಬೆಟ್ಟದ ಮೇಲಿರುವ ದೇವಾಲಯಕ್ಕೆ ತೆರಳಲು ಸೂಕ್ತ ವ್ಯವಸ್ಥೆ ಕಲ್ಪಿಸಲಾಗಿದೆ.

ಚಾಮರಾಜನಗರ ಜಿಲ್ಲೆಯ ನಾಗಮಲೆ ಬೆಟ್ಟಕ್ಕೆ ಭಕ್ತರ ಉಚಿತ ಪ್ರವೇಶಕ್ಕೆ ಅನುಮತಿ ನೀಡಲಾಗಿದೆ. ಅರಣ್ಯ ಇಲಾಖೆ ಈ ಬಗ್ಗೆ ಆದೇಶ ಹೊರಡಿಸಿದೆ. ಈ ಹಿಂದೆ ಪ್ರವೇಶ ಶುಲ್ಕ 200 ರೂ. ನಿಗದಿಪಡಿಸಲಾಗಿತ್ತು. ಭಕ್ತರ ಒತ್ತಾಯದ ಮೇರೆಗೆ ಶುಲ್ಕ ರದ್ದುಪಡಿಸಲಾಗಿದೆ. ದೀಪಾವಳಿ ಹಬ್ಬದ ಸಂದರ್ಭದಲ್ಲಿ ಈ ನಿರ್ಧಾರ ಕೈಗೊಳ್ಳಲಾಗಿದೆ. ಸಾವಿರಾರು ಭಕ್ತರು ಬೆಟ್ಟಕ್ಕೆ ಭೇಟಿ ನೀಡಲಿದ್ದಾರೆ. ವಾಹನ ಸಂಚಾರಕ್ಕೂ ಅನುಮತಿ ನೀಡಲಾಗಿದೆ ಎಂದು ತಿಳಿಸಲಾಗಿದೆ. ಬೆಟ್ಟದ ಮೇಲಿರುವ ದೇವಾಲಯಕ್ಕೆ ತೆರಳಲು ಸೂಕ್ತ ವ್ಯವಸ್ಥೆ ಕಲ್ಪಿಸಲಾಗಿದೆ.

ದೀಪಾವಳಿ ಹಬ್ಬಕ್ಕೆ ಗಿಫ್ಟ್
ಚಾಮರಾಜನಗರದ ನಾಗಮಲೆಗೆ ಉಚಿತ ಪ್ರವೇಶಕ್ಕೆ ಅನುಮತಿ
ಮುಜರಾಯಿ ಇಲಾಖೆ ವ್ಯಾಪ್ತಿಗೆ ಬರುವ ನಾಗಮಲೆ ದೇವಾಲಯಕ್ಕೆ ಭಕ್ತರ ದಂಡು ಆಗಮಿಸಿದೆ. ಪ್ರವೇಶ ಉಚಿತಗೊಳಿಸಿದ ಹಿನ್ನೆಲೆಯಲ್ಲಿ ಸಂತಸ ವ್ಯಕ್ತವಾಗಿದೆ.
ಬೆಟ್ಟದ ತಪ್ಪಲಿನಲ್ಲಿ ವಾಹನ ನಿಲುಗಡೆಗೆ ವ್ಯವಸ್ಥೆ ಮಾಡಲಾಗಿದೆ. 15 ಕಿ.ಮೀ. ದೂರದವರೆಗೆ ಭಕ್ತರು ನಡೆದುಕೊಂಡು ಸಾಗುತ್ತಾರೆ. 77 ಮೆಟ್ಟಿಲು ಹತ್ತಿ ದೇವರ ದರ್ಶನ ಪಡೆಯಬಹುದಾಗಿದೆ.
ದೇವಿರಮ್ಮ ದರ್ಶನಕ್ಕೆ ಬಂದಿದ್ದ ಅನೇಕ ಭಕ್ತರು ಅಸ್ವಸ್ಥ, ಗಾಯ

ಚಿಕ್ಕಮಗಳೂರು: ದೇವಿರಮ್ಮ ಬೆಟ್ಟಕ್ಕೆ ದರ್ಶನಕ್ಕೆ ತೆರಳಿದ್ದ ಅನೇಕ ಭಕ್ತರು ಅಸ್ವಸ್ಥಗೊಂಡಿದ್ದಾರೆ. ಕೆಲವರು ಬಿದ್ದು ಗಾಯಗೊಂಡಿದ್ದಾರೆ. ಕಡಿದಾದ ಹಾದಿಯಲ್ಲಿ ಸಾಗುವಾಗ ಈ ಘಟನೆ ಸಂಭವಿಸಿದೆ. ತಕ್ಷಣ ಆರೋಗ್ಯ ಸಿಬ್ಬಂದಿ ಚಿಕಿತ್ಸೆ ನೀಡಿದ್ದಾರೆ.

ಭಕ್ತರು, ಹೆಚ್ಚು ಬಸ್ ಸೇವೆ ಸಂಚಾರ

ದರ್ಶನ ಶ್ರೇಷ್ಠ ಮಾರ್ಗವಾಗಿದ್ದು ಭಕ್ತರಿಗೆ ಅನುಕೂಲ ಕಲ್ಪಿಸಲಾಗಿದೆ. ಹೆಚ್ಚುವರಿ ಬಸ್ ಸೇವೆಯನ್ನೂ ಆರಂಭಿಸಲಾಗಿದೆ. ಭಕ್ತರಿಗೆ ಕುಡಿಯುವ ನೀರು ಹಾಗೂ ಆಹಾರದ ವ್ಯವಸ್ಥೆ ಮಾಡಲಾಗಿತ್ತು.

ಸಾಮಾನ್ಯವಾಗಿ ನಡೆಯುವ ಮಾರ್ಗದ ಮಧ್ಯೆ ಭಕ್ತರಿಗೆ ನೆರವಾಗಲು ಸಿಬ್ಬಂದಿ ನಿಯೋಜಿಸಲಾಗಿತ್ತು.

3800 ಅಡಿ ಎತ್ತರದಲ್ಲಿ ದೇವಸ್ಥಾನ

ಚಿಕ್ಕ ಸಮುದ್ರಮಟ್ಟದಿಂದ ಸುಮಾರು 3800 ಅಡಿ ಎತ್ತರದಲ್ಲಿ ಈ ಬೆಟ್ಟವಿದೆ. ಪ್ರತಿ ವರ್ಷ ಸಾವಿರಾರು ಭಕ್ತರು ಇಲ್ಲಿಗೆ ಆಗಮಿಸುತ್ತಾರೆ. ದೀಪಾವಳಿ ಸಂದರ್ಭದಲ್ಲಿ ವಿಶೇಷ ಪೂಜೆ ನೆರವೇರಿಸಲಾಗುತ್ತದೆ.
